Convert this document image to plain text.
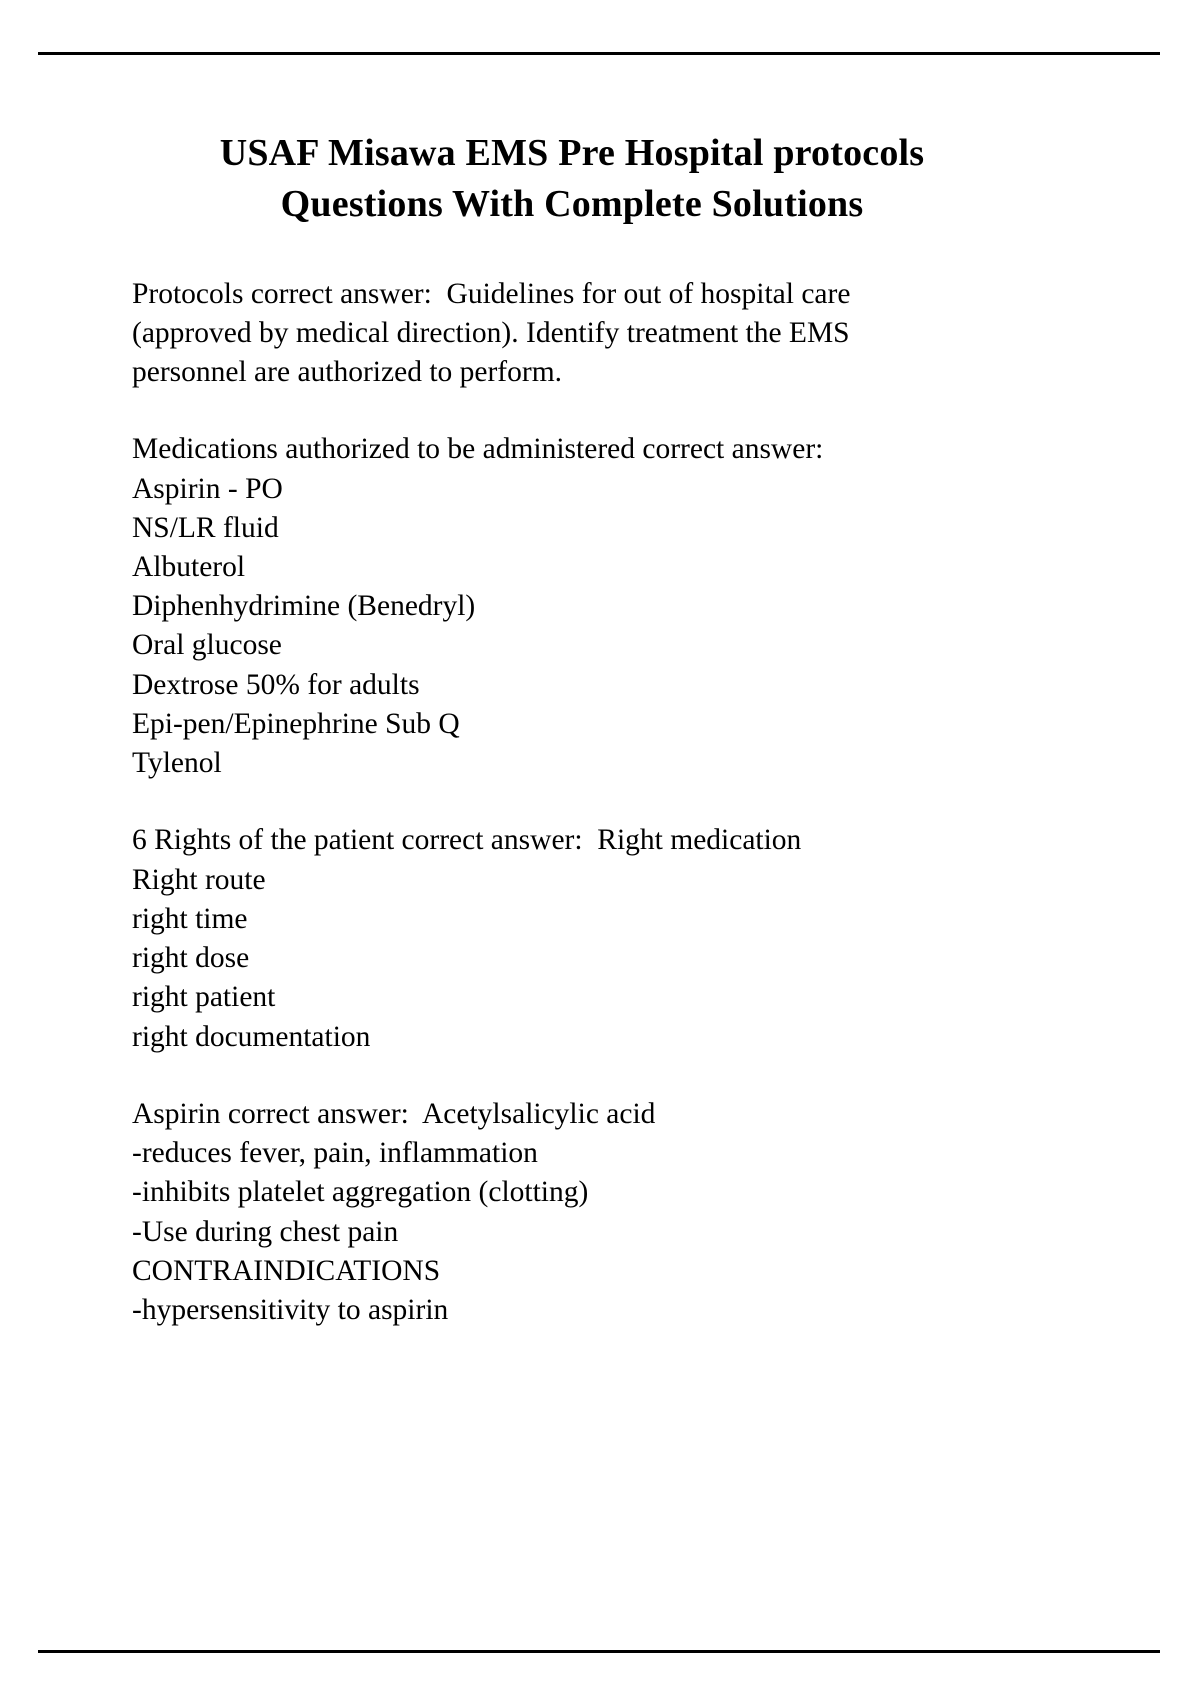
USAF Misawa EMS Pre Hospital protocols
Questions With Complete Solutions

Protocols correct answer:  Guidelines for out of hospital care
(approved by medical direction). Identify treatment the EMS
personnel are authorized to perform.

Medications authorized to be administered correct answer:
Aspirin - PO
NS/LR fluid
Albuterol
Diphenhydrimine (Benedryl)
Oral glucose
Dextrose 50% for adults
Epi-pen/Epinephrine Sub Q
Tylenol

6 Rights of the patient correct answer:  Right medication
Right route
right time
right dose
right patient
right documentation

Aspirin correct answer:  Acetylsalicylic acid
-reduces fever, pain, inflammation
-inhibits platelet aggregation (clotting)
-Use during chest pain
CONTRAINDICATIONS
-hypersensitivity to aspirin
